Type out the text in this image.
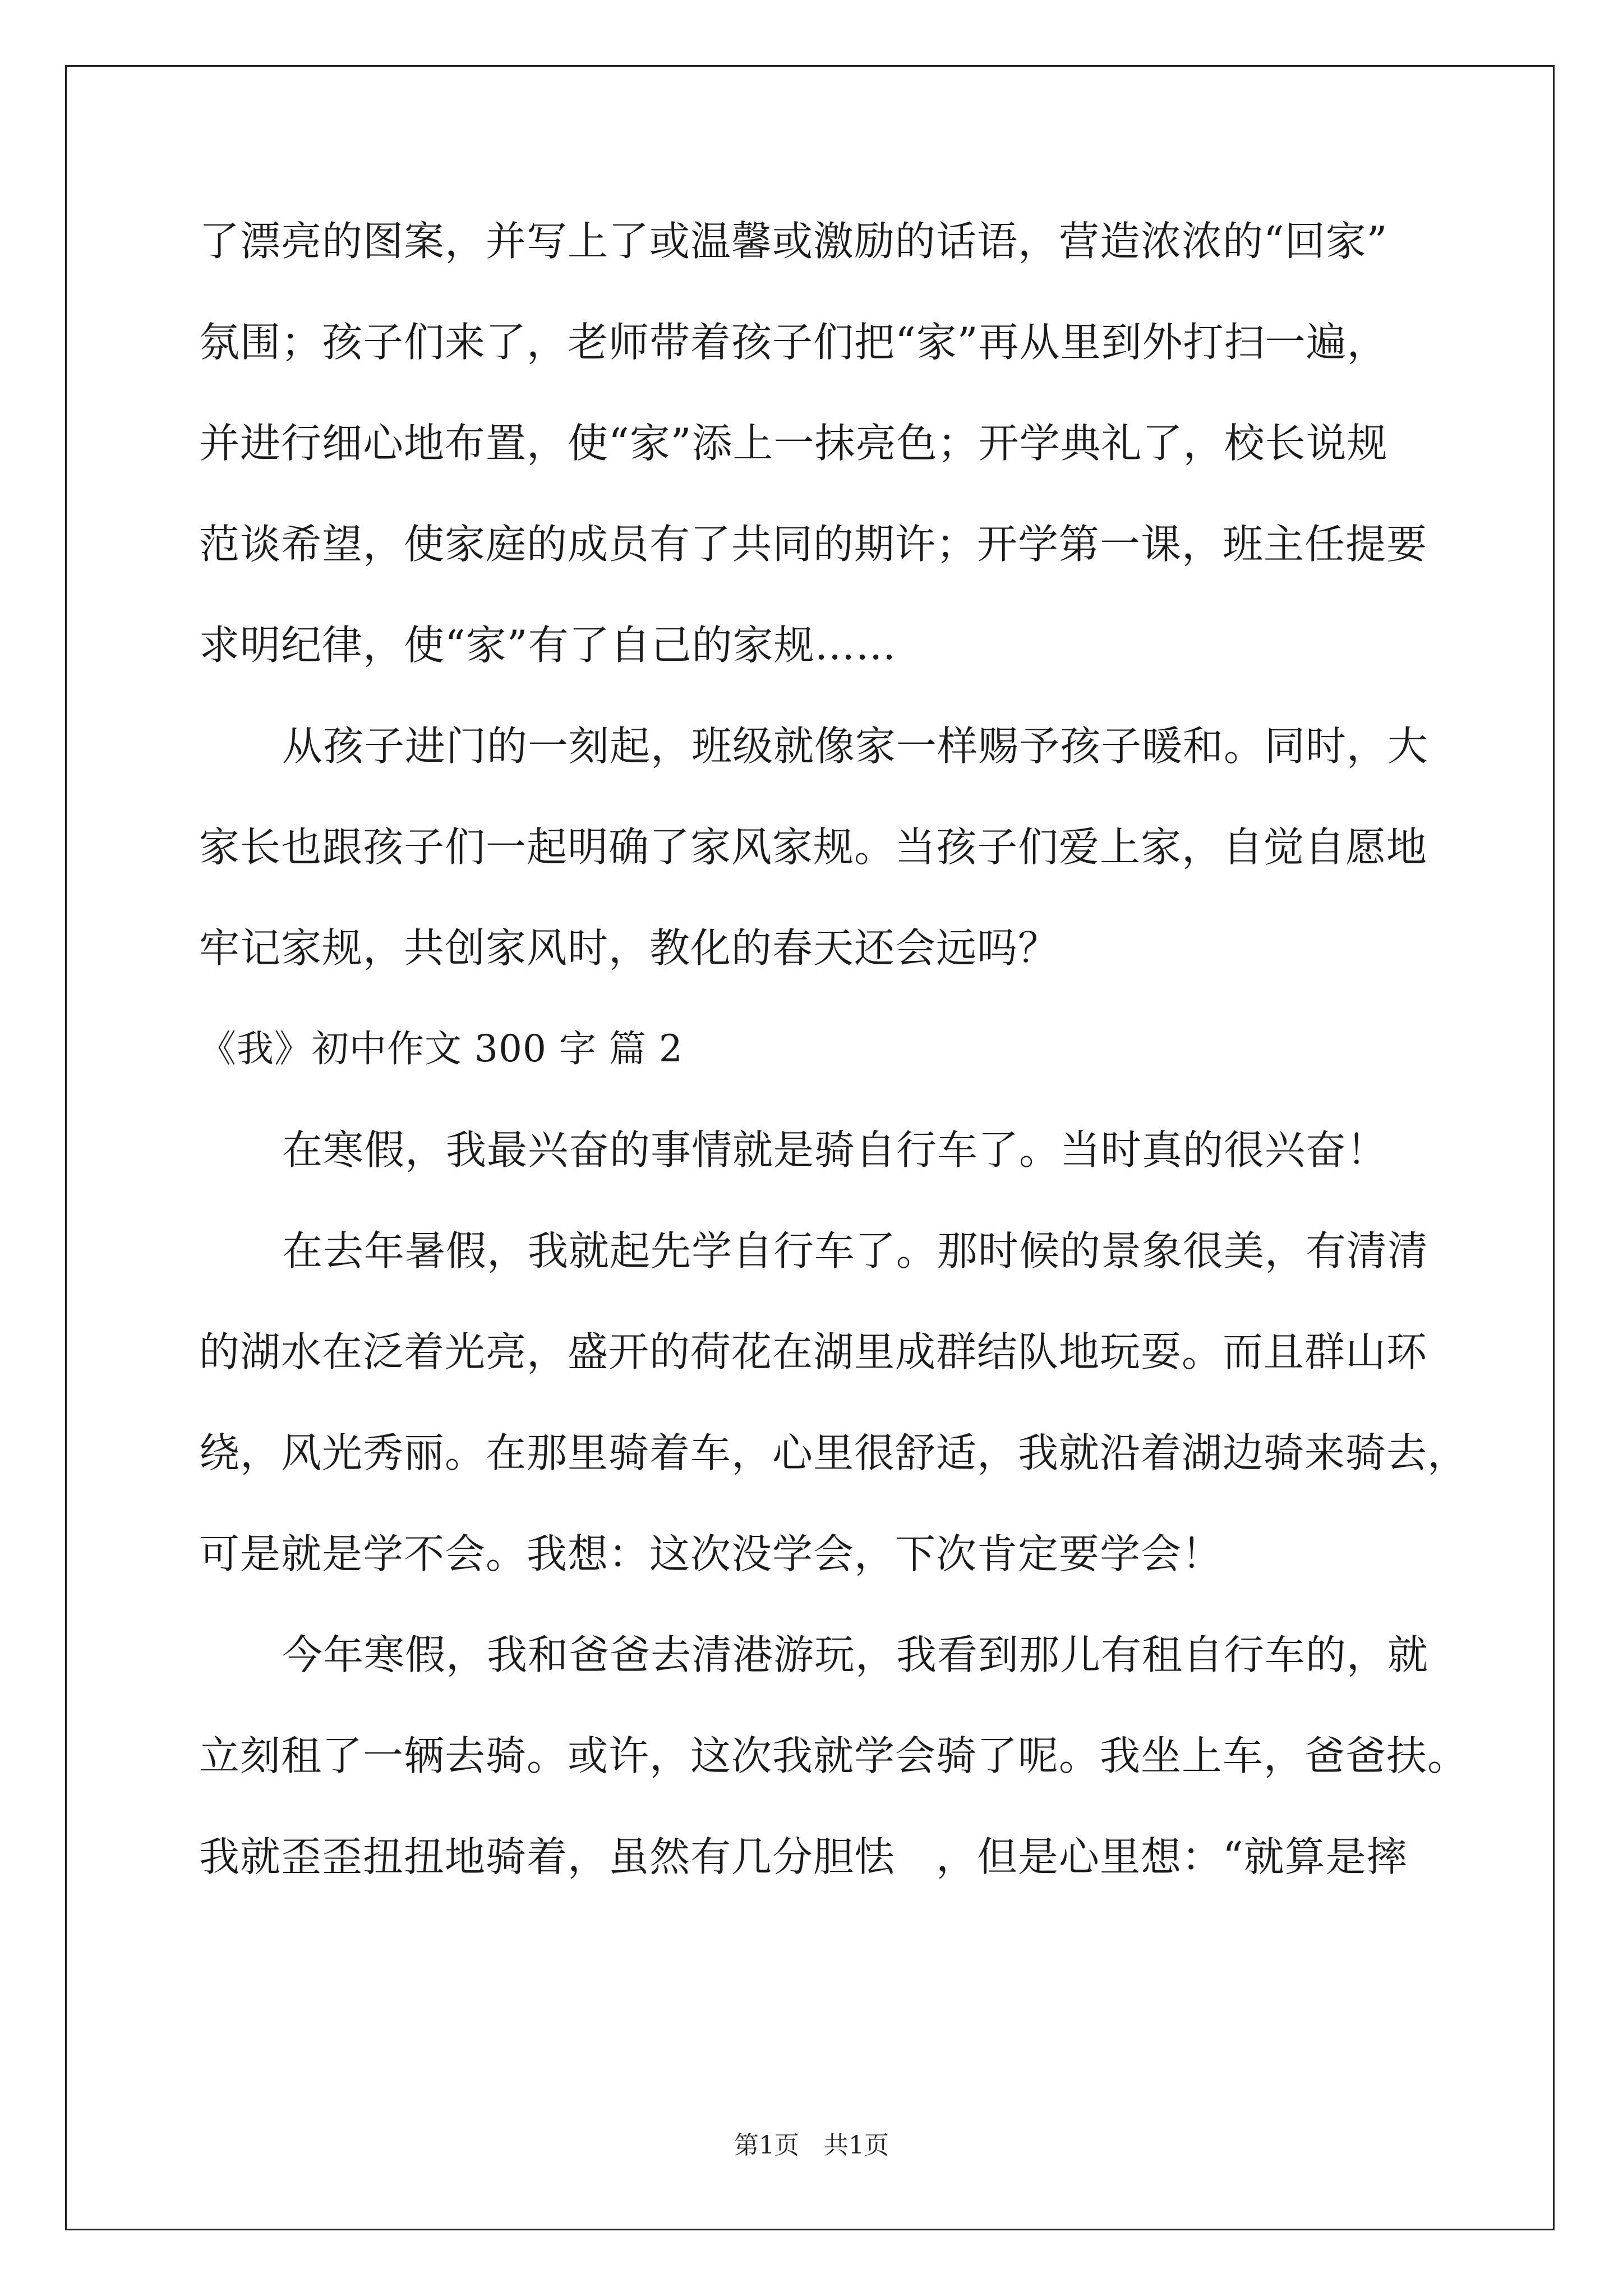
了漂亮的图案，并写上了或温馨或激励的话语，营造浓浓的“回家”
氛围；孩子们来了，老师带着孩子们把“家”再从里到外打扫一遍，
并进行细心地布置，使“家”添上一抹亮色；开学典礼了，校长说规
范谈希望，使家庭的成员有了共同的期许；开学第一课，班主任提要
求明纪律，使“家”有了自己的家规……
从孩子进门的一刻起，班级就像家一样赐予孩子暖和。同时，大
家长也跟孩子们一起明确了家风家规。当孩子们爱上家，自觉自愿地
牢记家规，共创家风时，教化的春天还会远吗？
《我》初中作文 300 字 篇 2
在寒假，我最兴奋的事情就是骑自行车了。当时真的很兴奋！
在去年暑假，我就起先学自行车了。那时候的景象很美，有清清
的湖水在泛着光亮，盛开的荷花在湖里成群结队地玩耍。而且群山环
绕，风光秀丽。在那里骑着车，心里很舒适，我就沿着湖边骑来骑去，
可是就是学不会。我想：这次没学会，下次肯定要学会！
今年寒假，我和爸爸去清港游玩，我看到那儿有租自行车的，就
立刻租了一辆去骑。或许，这次我就学会骑了呢。我坐上车，爸爸扶。
我就歪歪扭扭地骑着，虽然有几分胆怯　，但是心里想：“就算是摔
第1页　共1页
